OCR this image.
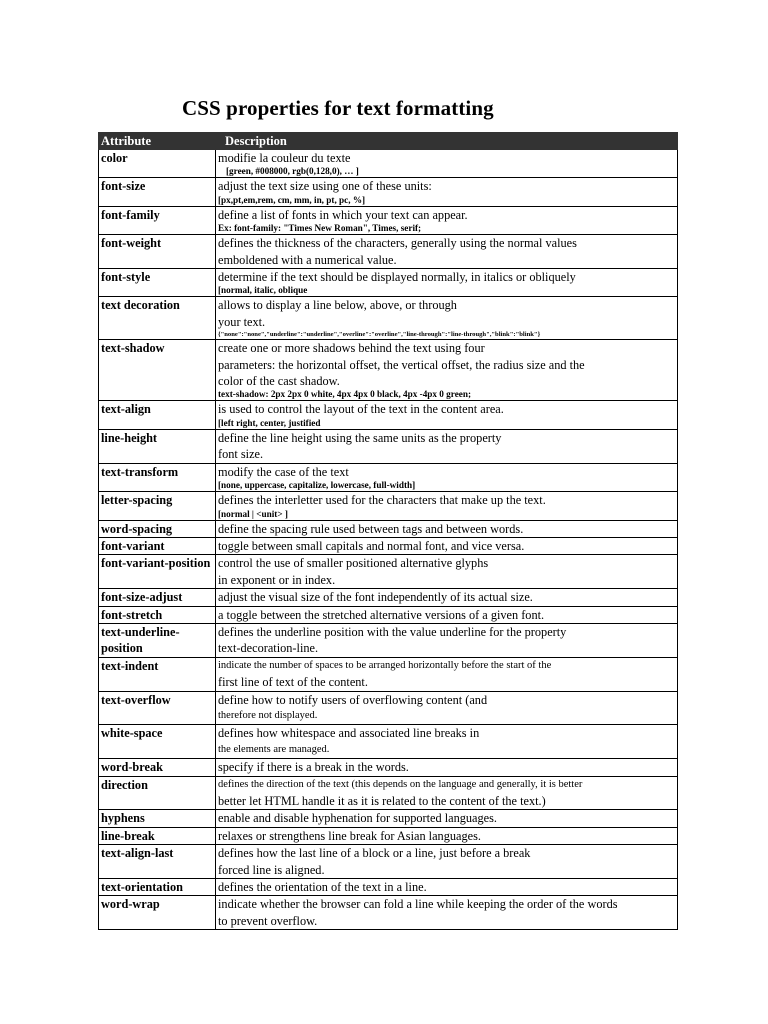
CSS properties for text formatting
Attribute	Description
color	modifie la couleur du texte
[green, #008000, rgb(0,128,0), … ]

font-size	adjust the text size using one of these units:
[px,pt,em,rem, cm, mm, in, pt, pc, %]

font-family	define a list of fonts in which your text can appear.
Ex: font-family: "Times New Roman", Times, serif;

font-weight	defines the thickness of the characters, generally using the normal values
emboldened with a numerical value.

font-style	determine if the text should be displayed normally, in italics or obliquely
[normal, italic, oblique

text decoration	allows to display a line below, above, or through
your text.
{"none":"none","underline":"underline","overline":"overline","line-through":"line-through","blink":"blink"}

text-shadow	create one or more shadows behind the text using four
parameters: the horizontal offset, the vertical offset, the radius size and the
color of the cast shadow.
text-shadow: 2px 2px 0 white, 4px 4px 0 black, 4px -4px 0 green;

text-align	is used to control the layout of the text in the content area.
[left right, center, justified

line-height	define the line height using the same units as the property
font size.

text-transform	modify the case of the text
[none, uppercase, capitalize, lowercase, full-width]

letter-spacing	defines the interletter used for the characters that make up the text.
[normal | <unit> ]

word-spacing	define the spacing rule used between tags and between words.

font-variant	toggle between small capitals and normal font, and vice versa.

font-variant-position	control the use of smaller positioned alternative glyphs
in exponent or in index.

font-size-adjust	adjust the visual size of the font independently of its actual size.

font-stretch	a toggle between the stretched alternative versions of a given font.

text-underline-position	defines the underline position with the value underline for the property
text-decoration-line.

text-indent	indicate the number of spaces to be arranged horizontally before the start of the
first line of text of the content.

text-overflow	define how to notify users of overflowing content (and
therefore not displayed.

white-space	defines how whitespace and associated line breaks in
the elements are managed.

word-break	specify if there is a break in the words.

direction	defines the direction of the text (this depends on the language and generally, it is better
better let HTML handle it as it is related to the content of the text.)

hyphens	enable and disable hyphenation for supported languages.

line-break	relaxes or strengthens line break for Asian languages.

text-align-last	defines how the last line of a block or a line, just before a break
forced line is aligned.

text-orientation	defines the orientation of the text in a line.

word-wrap	indicate whether the browser can fold a line while keeping the order of the words
to prevent overflow.
